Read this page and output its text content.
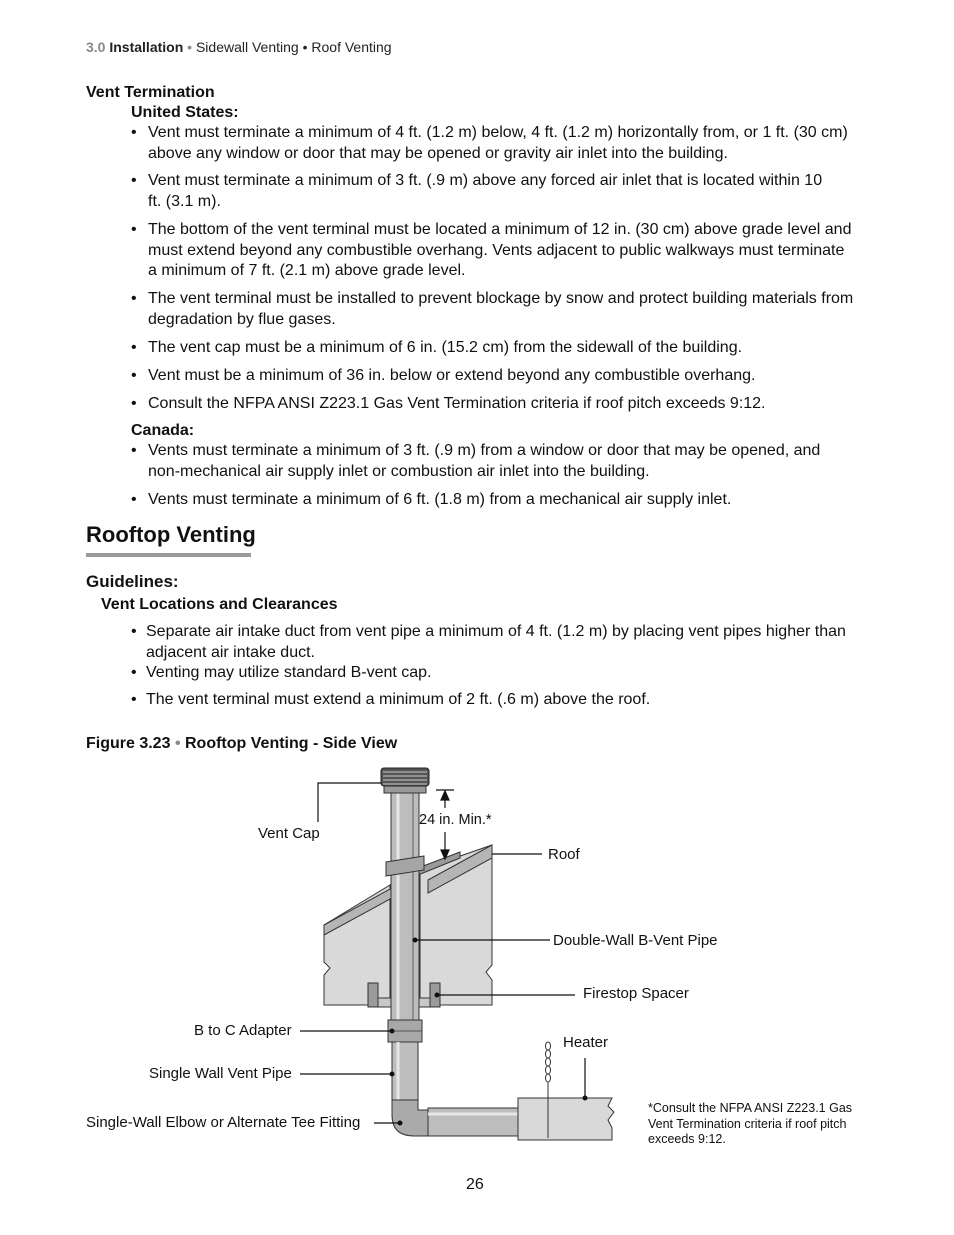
3.0 Installation • Sidewall Venting • Roof Venting
Vent Termination
United States:
• Vent must terminate a minimum of 4 ft. (1.2 m) below, 4 ft. (1.2 m) horizontally from, or 1 ft. (30 cm) above any window or door that may be opened or gravity air inlet into the building.
• Vent must terminate a minimum of 3 ft. (.9 m) above any forced air inlet that is located within 10 ft. (3.1 m).
• The bottom of the vent terminal must be located a minimum of 12 in. (30 cm) above grade level and must extend beyond any combustible overhang. Vents adjacent to public walkways must terminate a minimum of 7 ft. (2.1 m) above grade level.
• The vent terminal must be installed to prevent blockage by snow and protect building materials from degradation by flue gases.
• The vent cap must be a minimum of 6 in. (15.2 cm) from the sidewall of the building.
• Vent must be a minimum of 36 in. below or extend beyond any combustible overhang.
• Consult the NFPA ANSI Z223.1 Gas Vent Termination criteria if roof pitch exceeds 9:12.
Canada:
• Vents must terminate a minimum of 3 ft. (.9 m) from a window or door that may be opened, and non-mechanical air supply inlet or combustion air inlet into the building.
• Vents must terminate a minimum of 6 ft. (1.8 m) from a mechanical air supply inlet.
Rooftop Venting
Guidelines:
Vent Locations and Clearances
• Separate air intake duct from vent pipe a minimum of 4 ft. (1.2 m) by placing vent pipes higher than adjacent air intake duct.
• Venting may utilize standard B-vent cap.
• The vent terminal must extend a minimum of 2 ft. (.6 m) above the roof.
Figure 3.23 • Rooftop Venting - Side View
Vent Cap
24 in. Min.*
Roof
Double-Wall B-Vent Pipe
Firestop Spacer
B to C Adapter
Heater
Single Wall Vent Pipe
Single-Wall Elbow or Alternate Tee Fitting
*Consult the NFPA ANSI Z223.1 Gas Vent Termination criteria if roof pitch exceeds 9:12.
26
